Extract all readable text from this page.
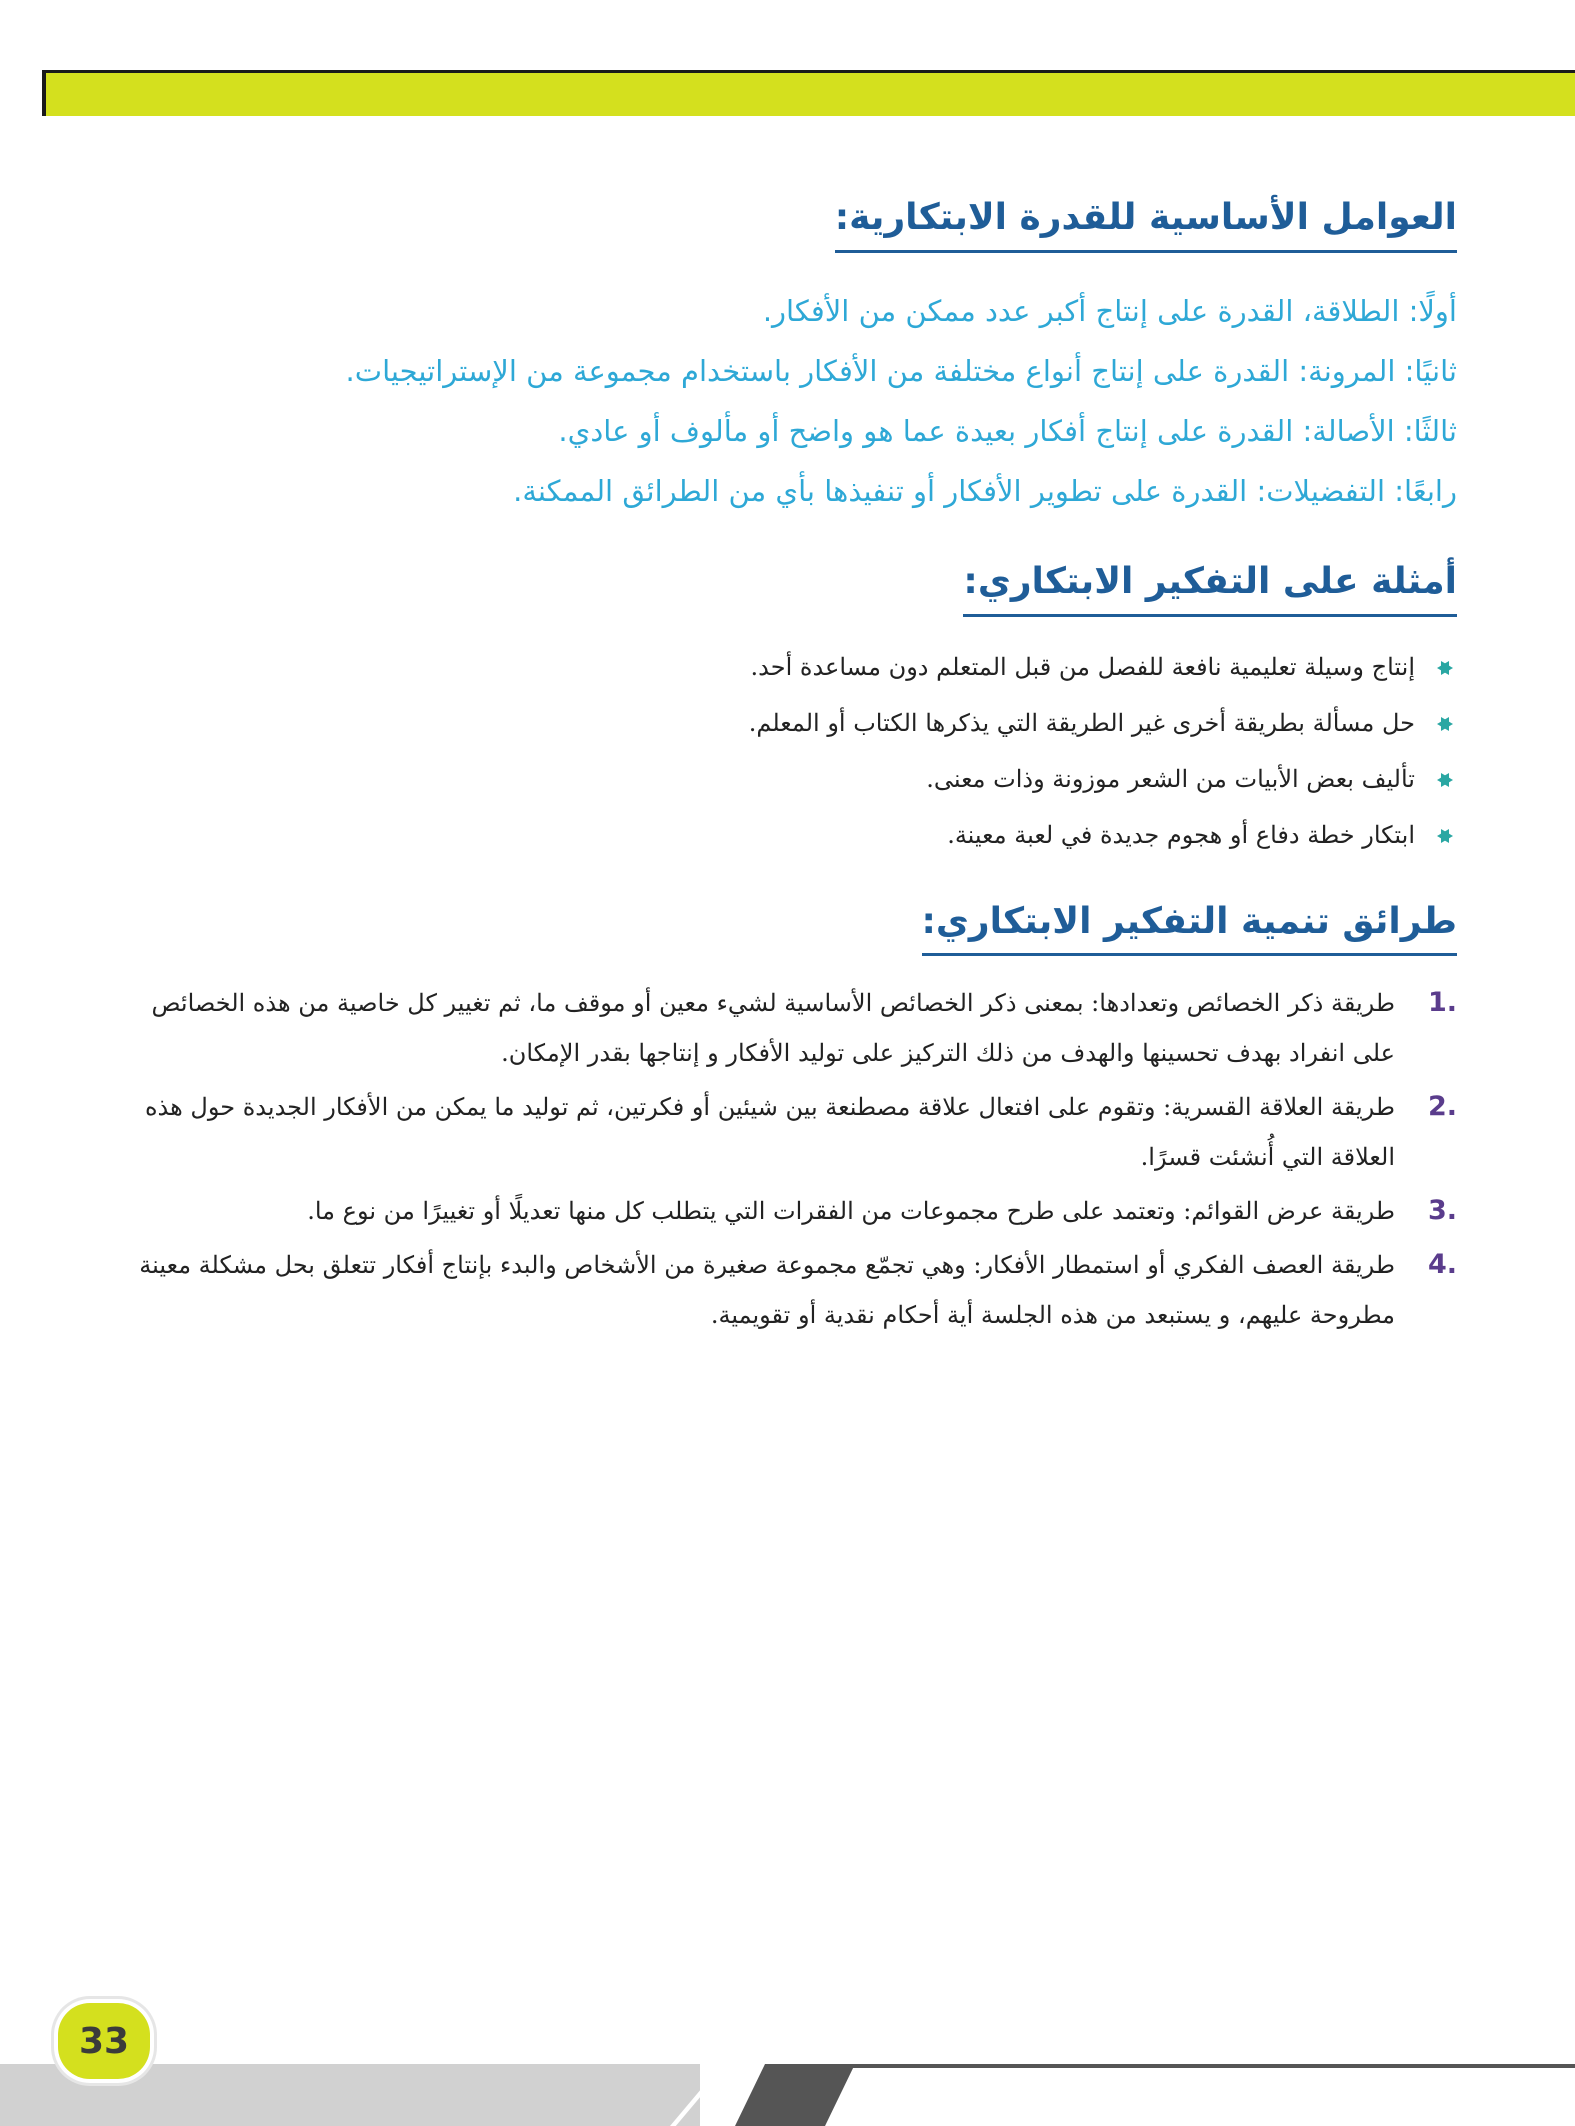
العوامل الأساسية للقدرة الابتكارية:
أولًا: الطلاقة، القدرة على إنتاج أكبر عدد ممكن من الأفكار.
ثانيًا: المرونة: القدرة على إنتاج أنواع مختلفة من الأفكار باستخدام مجموعة من الإستراتيجيات.
ثالثًا: الأصالة: القدرة على إنتاج أفكار بعيدة عما هو واضح أو مألوف أو عادي.
رابعًا: التفضيلات: القدرة على تطوير الأفكار أو تنفيذها بأي من الطرائق الممكنة.
أمثلة على التفكير الابتكاري:
إنتاج وسيلة تعليمية نافعة للفصل من قبل المتعلم دون مساعدة أحد.
حل مسألة بطريقة أخرى غير الطريقة التي يذكرها الكتاب أو المعلم.
تأليف بعض الأبيات من الشعر موزونة وذات معنى.
ابتكار خطة دفاع أو هجوم جديدة في لعبة معينة.
طرائق تنمية التفكير الابتكاري:
1.
طريقة ذكر الخصائص وتعدادها: بمعنى ذكر الخصائص الأساسية لشيء معين أو موقف ما، ثم تغيير كل خاصية من هذه الخصائص على انفراد بهدف تحسينها والهدف من ذلك التركيز على توليد الأفكار و إنتاجها بقدر الإمكان.
2.
طريقة العلاقة القسرية: وتقوم على افتعال علاقة مصطنعة بين شيئين أو فكرتين، ثم توليد ما يمكن من الأفكار الجديدة حول هذه العلاقة التي أُنشئت قسرًا.
3.
طريقة عرض القوائم: وتعتمد على طرح مجموعات من الفقرات التي يتطلب كل منها تعديلًا أو تغييرًا من نوع ما.
4.
طريقة العصف الفكري أو استمطار الأفكار: وهي تجمّع مجموعة صغيرة من الأشخاص والبدء بإنتاج أفكار تتعلق بحل مشكلة معينة مطروحة عليهم، و يستبعد من هذه الجلسة أية أحكام نقدية أو تقويمية.
33
